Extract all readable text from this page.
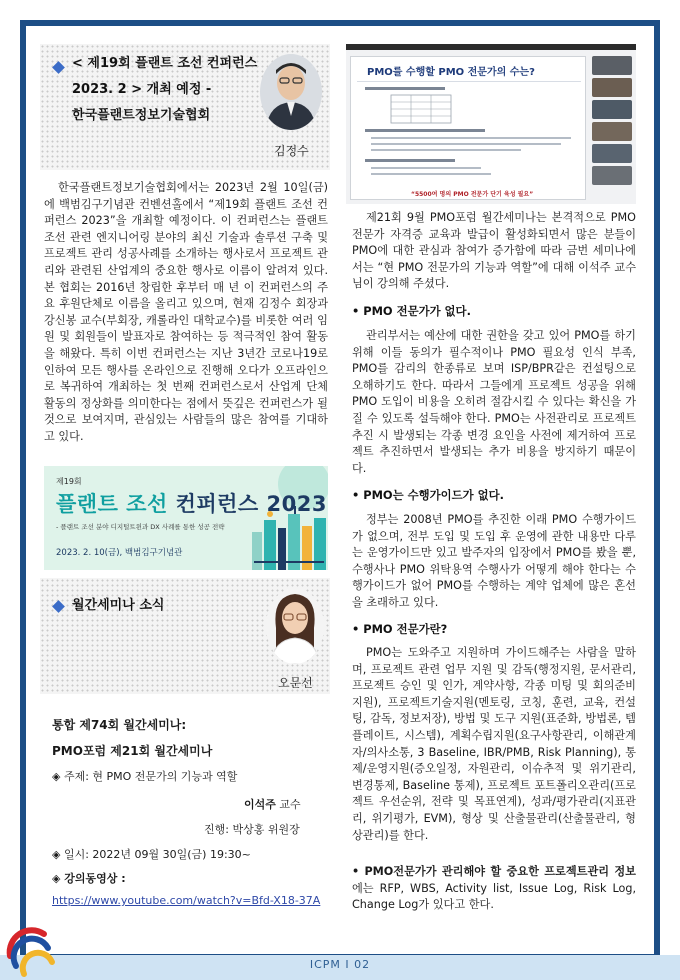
< 제19회 플랜트 조선 컨퍼런스
2023. 2 > 개최 예정 -
한국플랜트정보기술협회
김정수

한국플랜트정보기술협회에서는 2023년 2월 10일(금)에 백범김구기념관 컨벤션홀에서 “제19회 플랜트 조선 컨퍼런스 2023”을 개최할 예정이다. 이 컨퍼런스는 플랜트 조선 관련 엔지니어링 분야의 최신 기술과 솔루션 구축 및 프로젝트 관리 성공사례를 소개하는 행사로서 프로젝트 관리와 관련된 산업계의 중요한 행사로 이름이 알려져 있다. 본 협회는 2016년 창립한 후부터 매 년 이 컨퍼런스의 주요 후원단체로 이름을 올리고 있으며, 현재 김정수 회장과 강신봉 교수(부회장, 캐롤라인 대학교수)를 비롯한 여러 임원 및 회원들이 발표자로 참여하는 등 적극적인 참여 활동을 해왔다. 특히 이번 컨퍼런스는 지난 3년간 코로나19로 인하여 모든 행사를 온라인으로 진행해 오다가 오프라인으로 복귀하여 개최하는 첫 번째 컨퍼런스로서 산업계 단체 활동의 정상화를 의미한다는 점에서 뜻깊은 컨퍼런스가 될 것으로 보여지며, 관심있는 사람들의 많은 참여를 기대하고 있다.

제19회
플랜트 조선 컨퍼런스 2023
- 플랜트 조선 분야 디지털트윈과 DX 사례를 통한 성공 전략
2023. 2. 10(금), 백범김구기념관
월간세미나 소식
오문선
통합 제74회 월간세미나:
PMO포럼 제21회 월간세미나
◈ 주제: 현 PMO 전문가의 기능과 역할
이석주 교수
진행: 박상홍 위원장
◈ 일시: 2022년 09월 30일(금) 19:30~
◈ 강의동영상 :
https://www.youtube.com/watch?v=Bfd-X18-37A
PMO를 수행할 PMO 전문가의 수는?
“5500여 명의 PMO 전문가 단기 육성 필요”

제21회 9월 PMO포럼 월간세미나는 본격적으로 PMO전문가 자격증 교육과 발급이 활성화되면서 많은 분들이 PMO에 대한 관심과 참여가 증가함에 따라 금번 세미나에서는 “현 PMO 전문가의 기능과 역할”에 대해 이석주 교수님이 강의해 주셨다.

• PMO 전문가가 없다.

관리부서는 예산에 대한 권한을 갖고 있어 PMO를 하기 위해 이들 동의가 필수적이나 PMO 필요성 인식 부족, PMO를 감리의 한종류로 보며 ISP/BPR같은 컨설팅으로 오해하기도 한다. 따라서 그들에게 프로젝트 성공을 위해 PMO 도입이 비용을 오히려 절감시킬 수 있다는 확신을 가질 수 있도록 설득해야 한다. PMO는 사전관리로 프로젝트 추진 시 발생되는 각종 변경 요인을 사전에 제거하여 프로젝트 추진하면서 발생되는 추가 비용을 방지하기 때문이다.

• PMO는 수행가이드가 없다.

정부는 2008년 PMO를 추진한 이래 PMO 수행가이드가 없으며, 전부 도입 및 도입 후 운영에 관한 내용만 다루는 운영가이드만 있고 발주자의 입장에서 PMO를 봤을 뿐, 수행사나 PMO 위탁용역 수행사가 어떻게 해야 한다는 수행가이드가 없어 PMO를 수행하는 계약 업체에 많은 혼선을 초래하고 있다.

• PMO 전문가란?

PMO는 도와주고 지원하며 가이드해주는 사람을 말하며, 프로젝트 관련 업무 지원 및 감독(행정지원, 문서관리, 프로젝트 승인 및 인가, 계약사항, 각종 미팅 및 회의준비 지원), 프로젝트기술지원(멘토링, 코칭, 훈련, 교육, 컨설팅, 감독, 정보저장), 방법 및 도구 지원(표준화, 방법론, 템플레이트, 시스템), 계획수립지원(요구사항관리, 이해관계자/의사소통, 3 Baseline, IBR/PMB, Risk Planning), 통제/운영지원(증오일정, 자원관리, 이슈추적 및 위기관리, 변경통제, Baseline 통제), 프로젝트 포트폴리오관리(프로젝트 우선순위, 전략 및 목표연계), 성과/평가관리(지표관리, 위기평가, EVM), 형상 및 산출물관리(산출물관리, 형상관리)를 한다.

• PMO전문가가 관리해야 할 중요한 프로젝트관리 정보에는 RFP, WBS, Activity list, Issue Log, Risk Log, Change Log가 있다고 한다.

ICPM I 02
